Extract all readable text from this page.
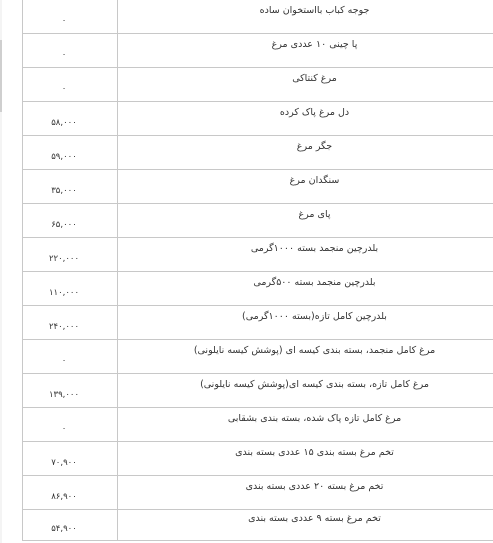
۰	جوجه کباب بااستخوان ساده
۰	پا چینی ۱۰ عددی مرغ
۰	مرغ کنتاکی
۵۸,۰۰۰	دل مرغ پاک کرده
۵۹,۰۰۰	جگر مرغ
۳۵,۰۰۰	سنگدان مرغ
۶۵,۰۰۰	پای مرغ
۲۲۰,۰۰۰	بلدرچین منجمد بسته ۱۰۰۰گرمی
۱۱۰,۰۰۰	بلدرچین منجمد بسته ۵۰۰گرمی
۲۴۰,۰۰۰	بلدرچین کامل تازه(بسته ۱۰۰۰گرمی)
۰	مرغ کامل منجمد، بسته بندی کیسه ای (پوشش کیسه نایلونی)
۱۳۹,۰۰۰	مرغ کامل تازه، بسته بندی کیسه ای(پوشش کیسه نایلونی)
۰	مرغ کامل تازه پاک شده، بسته بندی بشقابی
۷۰,۹۰۰	تخم مرغ بسته بندی ۱۵ عددی بسته بندی
۸۶,۹۰۰	تخم مرغ بسته ۲۰ عددی بسته بندی
۵۴,۹۰۰	تخم مرغ بسته ۹ عددی بسته بندی
